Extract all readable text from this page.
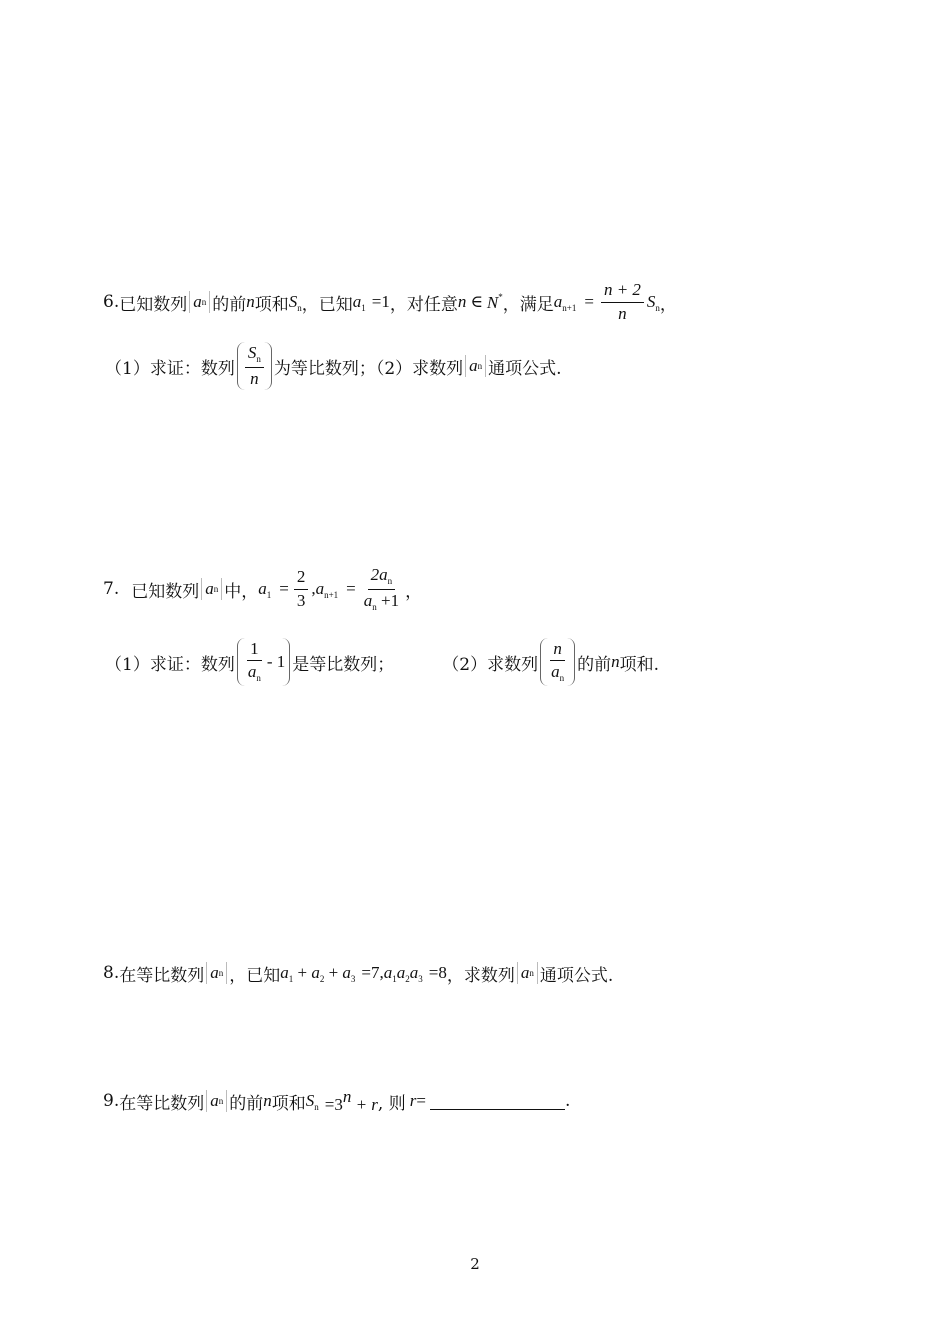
6. 已知数列 a n 的前 n 项和 $S_n$ ，已知 $a_1 =1$ ，对任意 n ∈ N* ，满足 $a_{n+1} = \frac{n + 2}{n} S_n$ ，
（1）求证：数列 $\frac{S_n}{n}$ 为等比数列；（2）求数列 a n 通项公式.
7. 已知数列 a n 中， $a_1 = \frac{2}{3}$ , $a_{n+1} = \frac{2a_n}{a_n +1}$ ，
（1）求证：数列 $\frac{1}{a_n} - 1$ 是等比数列；	（2）求数列 $\frac{n}{a_n}$ 的前 n 项和.
8. 在等比数列 a n ，已知 $a_1 + a_2 + a_3 =7$, $a_1a_2a_3 =8$ ，求数列 a n 通项公式.
9. 在等比数列 a n 的前 n 项和 $S_n =3^n + r$ , 则 r =	.
2
